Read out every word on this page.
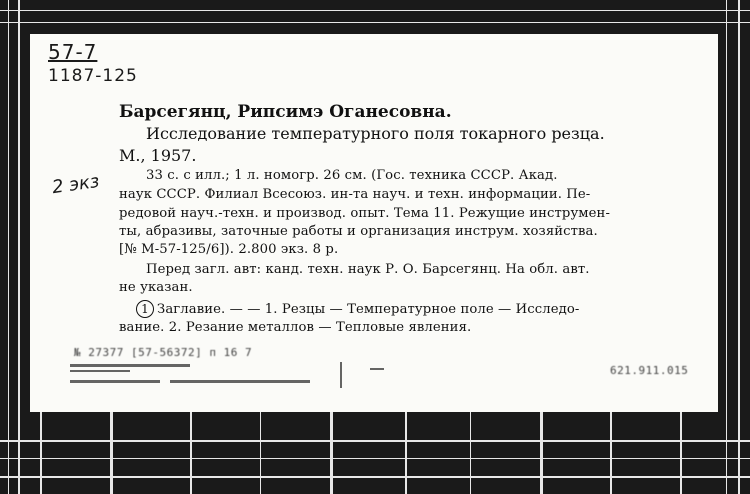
57-7
1187-125
2 экз
Барсегянц, Рипсимэ Оганесовна.
Исследование температурного поля токарного резца.
М., 1957.
33 с. с илл.; 1 л. номогр. 26 см. (Гос. техника СССР. Акад.
наук СССР. Филиал Всесоюз. ин-та науч. и техн. информации. Пе-
редовой науч.-техн. и производ. опыт. Тема 11. Режущие инструмен-
ты, абразивы, заточные работы и организация инструм. хозяйства.
[№ М-57-125/6]). 2.800 экз. 8 р.
Перед загл. авт: канд. техн. наук Р. О. Барсегянц. На обл. авт.
не указан.
1 Заглавие. — — 1. Резцы — Температурное поле — Исследо-
вание. 2. Резание металлов — Тепловые явления.
№ 27377 [57-56372] п 16 7
621.911.015
